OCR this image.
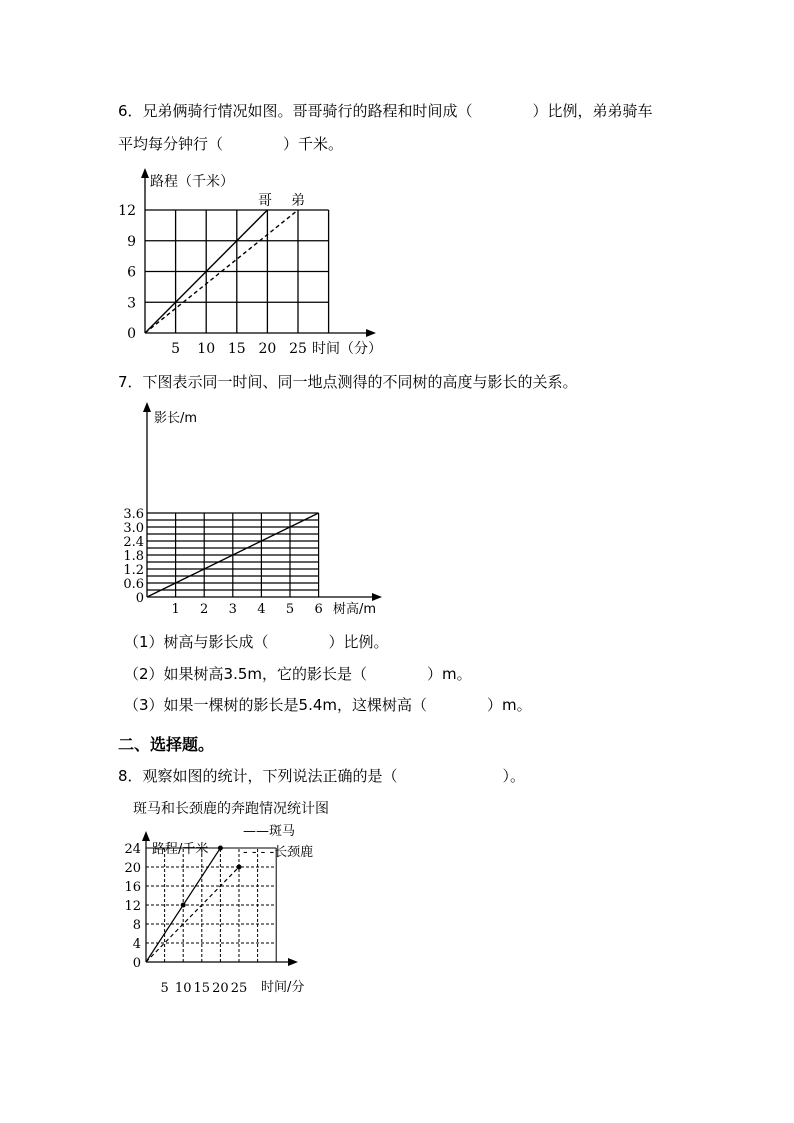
6．兄弟俩骑行情况如图。哥哥骑行的路程和时间成（　　　　）比例，弟弟骑车
平均每分钟行（　　　　）千米。
路程（千米）
时间（分）
5 10 15 20 25
0
3
6
9
12
哥 弟
7．下图表示同一时间、同一地点测得的不同树的高度与影长的关系。
影长/m
树高/m
1 2 3 4 5 6
0
0.6
1.2
1.8
2.4
3.0
3.6
（1）树高与影长成（　　　　）比例。
（2）如果树高3.5m，它的影长是（　　　　）m。
（3）如果一棵树的影长是5.4m，这棵树高（　　　　）m。
二、选择题。
8．观察如图的统计，下列说法正确的是（　　　　　　　）。
斑马和长颈鹿的奔跑情况统计图
路程/千米
时间/分
5 10 15 20 25
0
4
8
12
16
20
24
——斑马
- - - -长颈鹿
